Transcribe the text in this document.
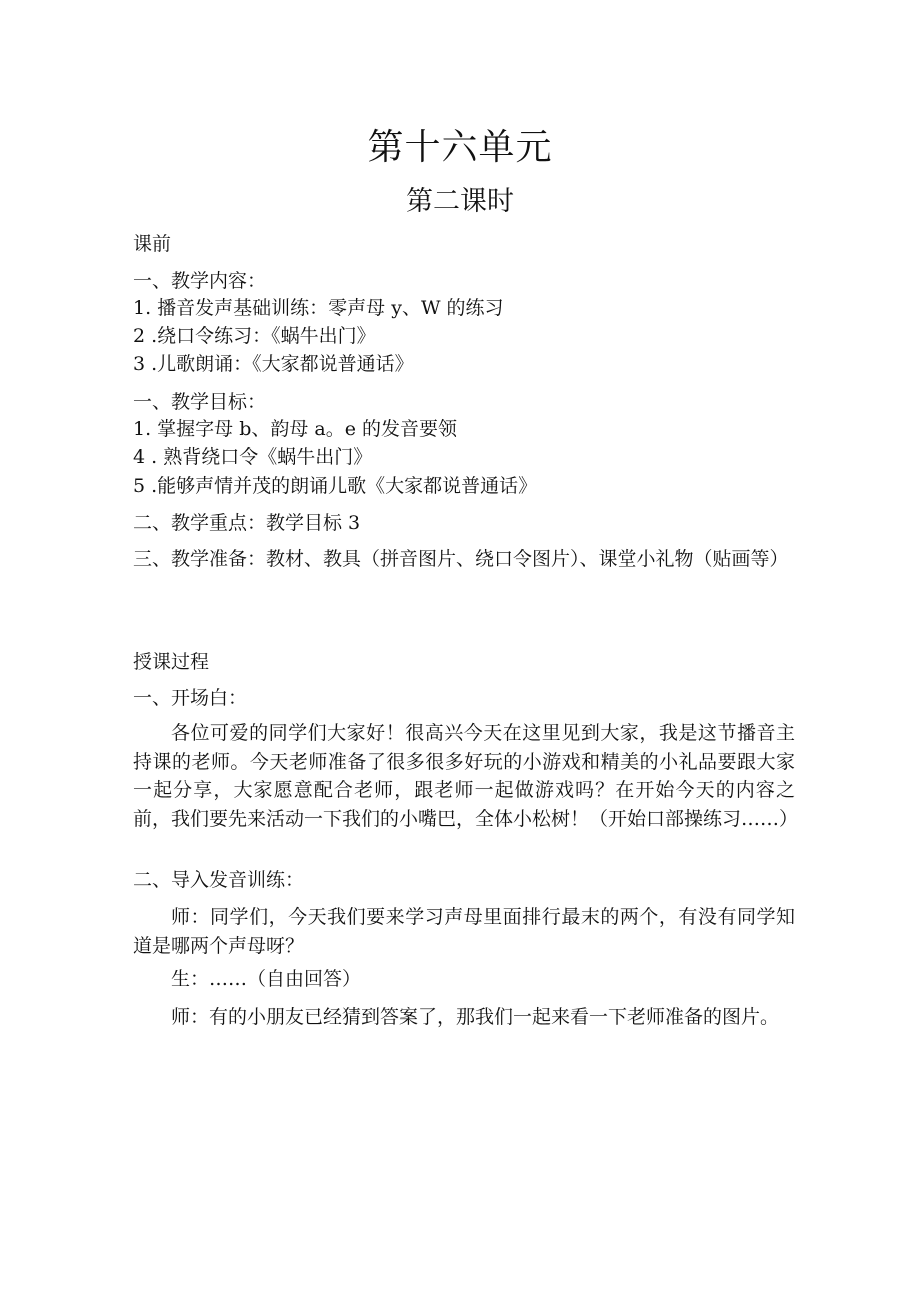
第十六单元
第二课时
课前
一、教学内容：
1. 播音发声基础训练：零声母 y、W 的练习
2 .绕口令练习：《蜗牛出门》
3 .儿歌朗诵：《大家都说普通话》
一、教学目标：
1. 掌握字母 b、韵母 a。e 的发音要领
4 . 熟背绕口令《蜗牛出门》
5 .能够声情并茂的朗诵儿歌《大家都说普通话》
二、教学重点：教学目标 3
三、教学准备：教材、教具（拼音图片、绕口令图片）、课堂小礼物（贴画等）
授课过程
一、开场白：
各位可爱的同学们大家好！很高兴今天在这里见到大家，我是这节播音主持课的老师。今天老师准备了很多很多好玩的小游戏和精美的小礼品要跟大家一起分享，大家愿意配合老师，跟老师一起做游戏吗？在开始今天的内容之前，我们要先来活动一下我们的小嘴巴，全体小松树！（开始口部操练习……）
二、导入发音训练：
师：同学们，今天我们要来学习声母里面排行最末的两个，有没有同学知道是哪两个声母呀？
生：……（自由回答）
师：有的小朋友已经猜到答案了，那我们一起来看一下老师准备的图片。
